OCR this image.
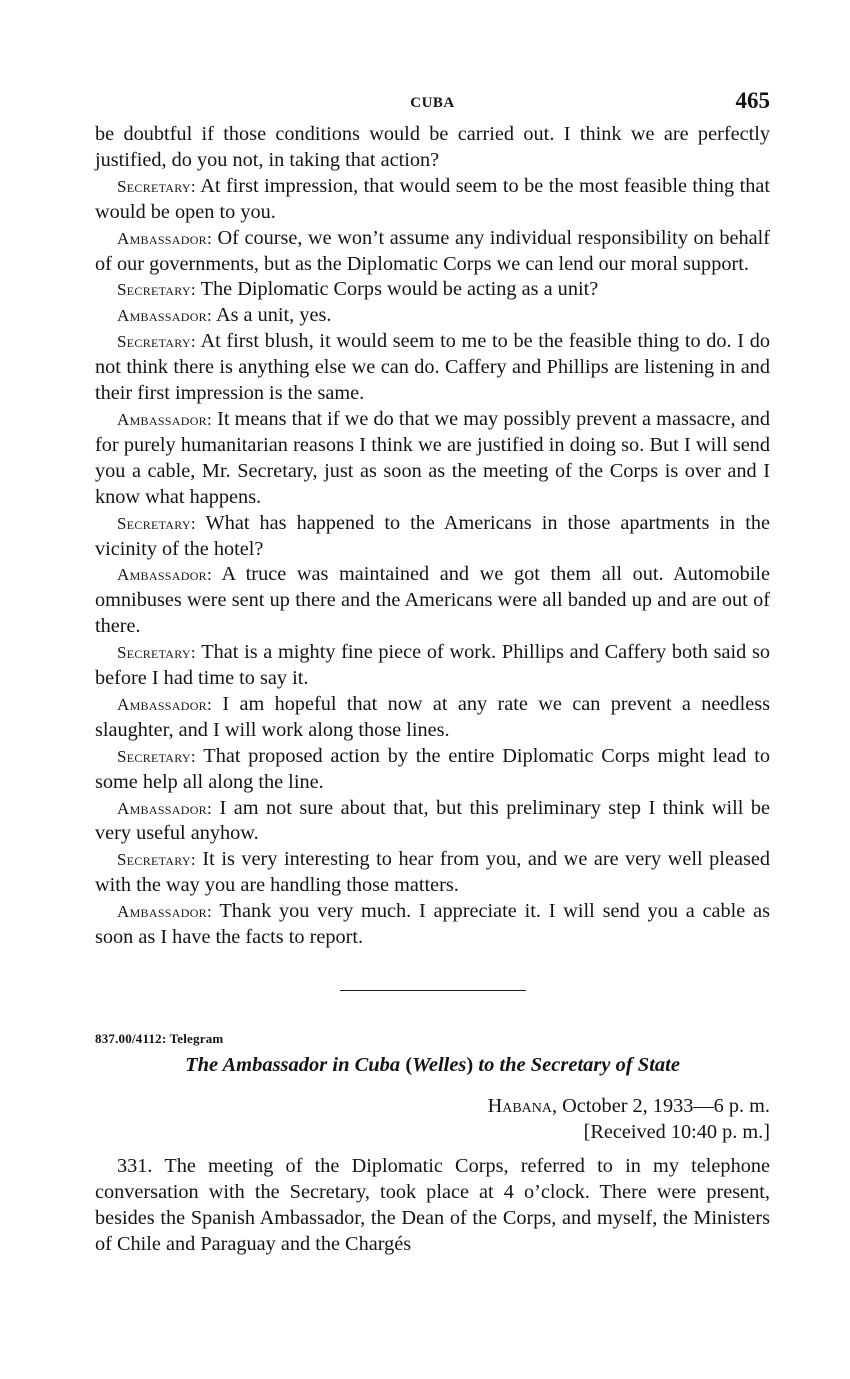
CUBA	465

be doubtful if those conditions would be carried out. I think we are perfectly justified, do you not, in taking that action?

Secretary: At first impression, that would seem to be the most feasible thing that would be open to you.

Ambassador: Of course, we won’t assume any individual responsibility on behalf of our governments, but as the Diplomatic Corps we can lend our moral support.

Secretary: The Diplomatic Corps would be acting as a unit?

Ambassador: As a unit, yes.

Secretary: At first blush, it would seem to me to be the feasible thing to do. I do not think there is anything else we can do. Caffery and Phillips are listening in and their first impression is the same.

Ambassador: It means that if we do that we may possibly prevent a massacre, and for purely humanitarian reasons I think we are justified in doing so. But I will send you a cable, Mr. Secretary, just as soon as the meeting of the Corps is over and I know what happens.

Secretary: What has happened to the Americans in those apartments in the vicinity of the hotel?

Ambassador: A truce was maintained and we got them all out. Automobile omnibuses were sent up there and the Americans were all banded up and are out of there.

Secretary: That is a mighty fine piece of work. Phillips and Caffery both said so before I had time to say it.

Ambassador: I am hopeful that now at any rate we can prevent a needless slaughter, and I will work along those lines.

Secretary: That proposed action by the entire Diplomatic Corps might lead to some help all along the line.

Ambassador: I am not sure about that, but this preliminary step I think will be very useful anyhow.

Secretary: It is very interesting to hear from you, and we are very well pleased with the way you are handling those matters.

Ambassador: Thank you very much. I appreciate it. I will send you a cable as soon as I have the facts to report.

837.00/4112: Telegram
The Ambassador in Cuba (Welles) to the Secretary of State
Habana, October 2, 1933—6 p. m.
[Received 10:40 p. m.]

331. The meeting of the Diplomatic Corps, referred to in my telephone conversation with the Secretary, took place at 4 o’clock. There were present, besides the Spanish Ambassador, the Dean of the Corps, and myself, the Ministers of Chile and Paraguay and the Chargés
